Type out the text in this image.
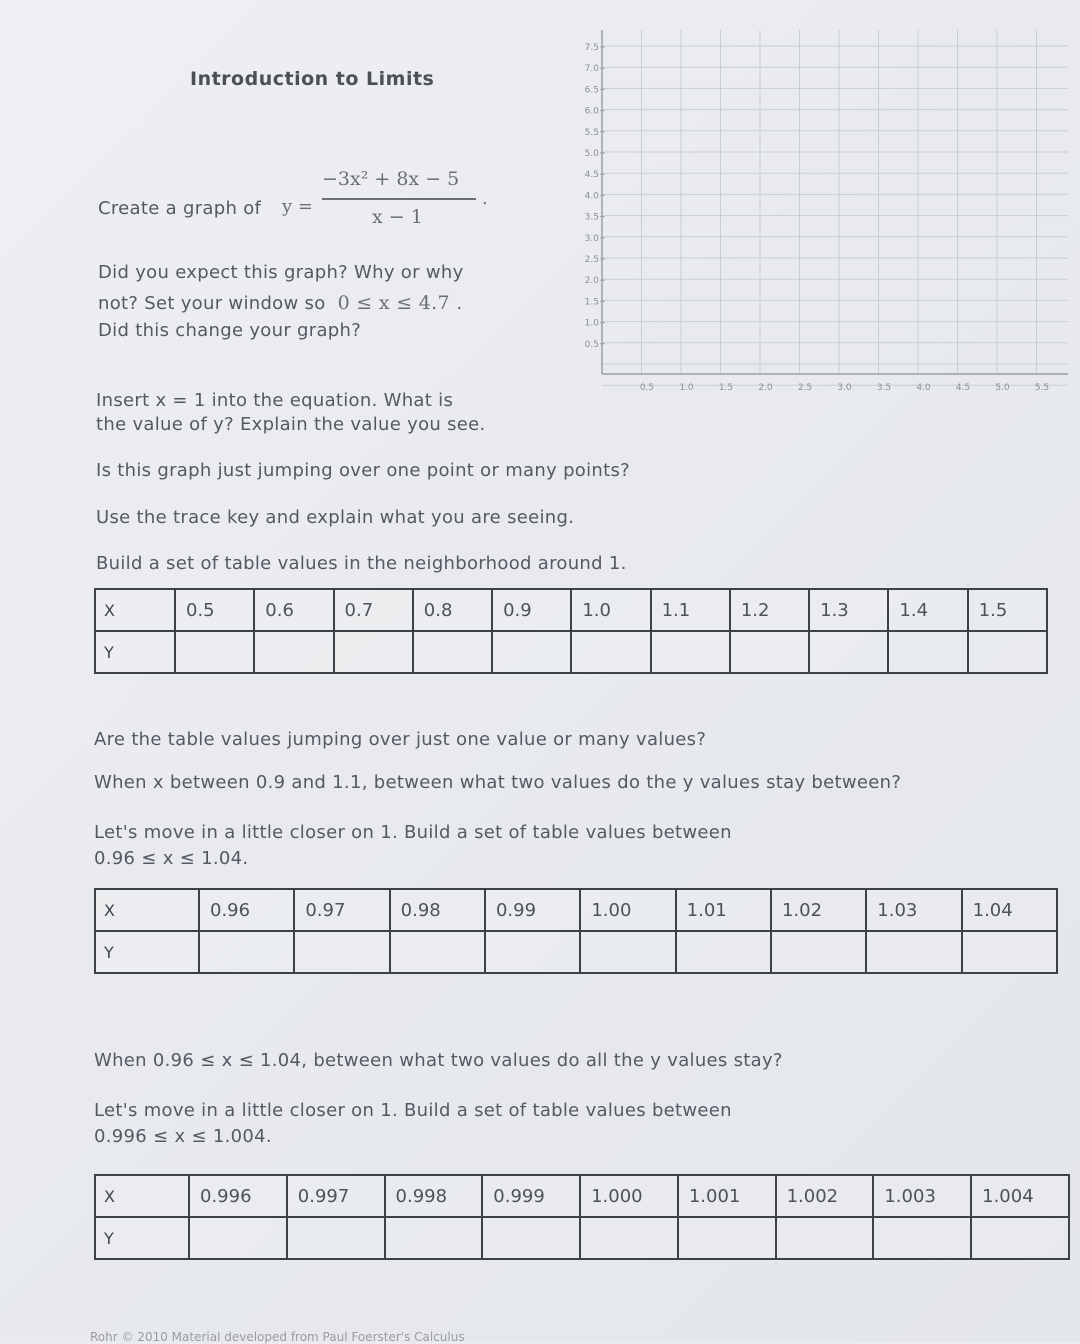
Introduction to Limits
Create a graph of y =
−3x² + 8x − 5
x − 1
.
Did you expect this graph? Why or why
not? Set your window so 0 ≤ x ≤ 4.7 .
Did this change your graph?
Insert x = 1 into the equation. What is
the value of y? Explain the value you see.
Is this graph just jumping over one point or many points?
Use the trace key and explain what you are seeing.
Build a set of table values in the neighborhood around 1.
7.5
7.0
6.5
6.0
5.5
5.0
4.5
4.0
3.5
3.0
2.5
2.0
1.5
1.0
0.5
0.5	1.0	1.5	2.0	2.5	3.0	3.5	4.0	4.5	5.0	5.5
X	0.5	0.6	0.7	0.8	0.9	1.0	1.1	1.2	1.3	1.4	1.5
Y											
Are the table values jumping over just one value or many values?
When x between 0.9 and 1.1, between what two values do the y values stay between?
Let's move in a little closer on 1. Build a set of table values between
0.96 ≤ x ≤ 1.04.
X	0.96	0.97	0.98	0.99	1.00	1.01	1.02	1.03	1.04
Y									
When 0.96 ≤ x ≤ 1.04, between what two values do all the y values stay?
Let's move in a little closer on 1. Build a set of table values between
0.996 ≤ x ≤ 1.004.
X	0.996	0.997	0.998	0.999	1.000	1.001	1.002	1.003	1.004
Y									
Rohr © 2010 Material developed from Paul Foerster's Calculus
